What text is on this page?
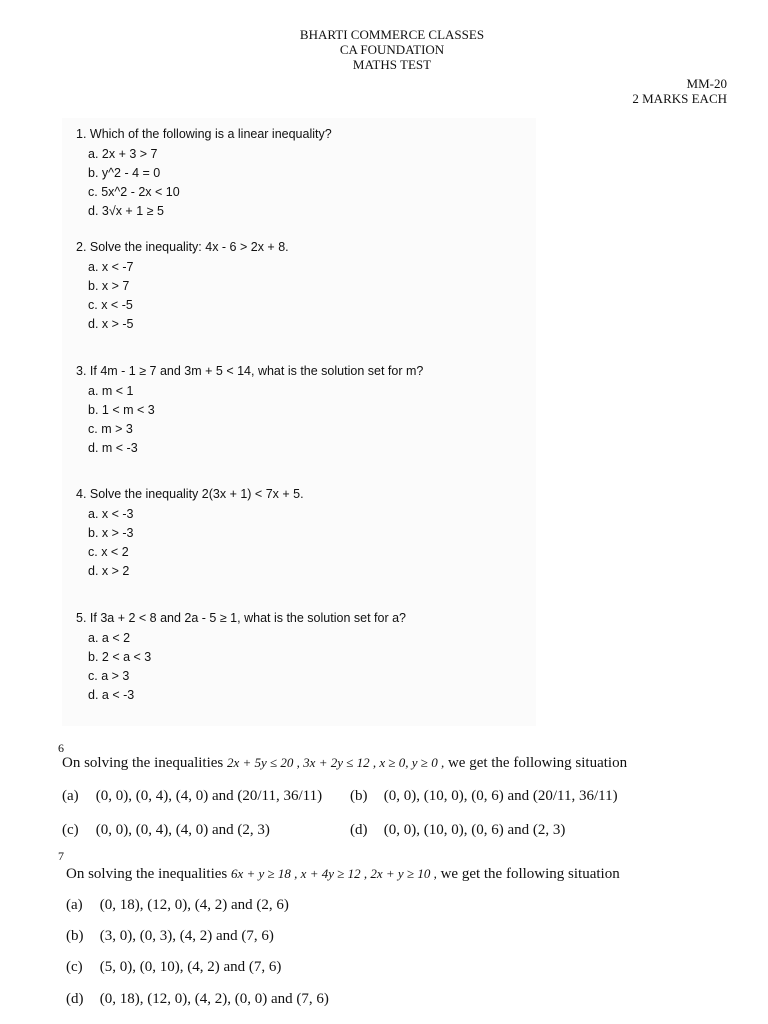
BHARTI COMMERCE CLASSES
CA FOUNDATION
MATHS TEST
MM-20
2 MARKS EACH
1. Which of the following is a linear inequality?
a. 2x + 3 > 7
b. y^2 - 4 = 0
c. 5x^2 - 2x < 10
d. 3√x + 1 ≥ 5
2. Solve the inequality: 4x - 6 > 2x + 8.
a. x < -7
b. x > 7
c. x < -5
d. x > -5
3. If 4m - 1 ≥ 7 and 3m + 5 < 14, what is the solution set for m?
a. m < 1
b. 1 < m < 3
c. m > 3
d. m < -3
4. Solve the inequality 2(3x + 1) < 7x + 5.
a. x < -3
b. x > -3
c. x < 2
d. x > 2
5. If 3a + 2 < 8 and 2a - 5 ≥ 1, what is the solution set for a?
a. a < 2
b. 2 < a < 3
c. a > 3
d. a < -3
6
On solving the inequalities 2x + 5y ≤ 20 , 3x + 2y ≤ 12 , x ≥ 0, y ≥ 0 , we get the following situation
(a) (0, 0), (0, 4), (4, 0) and (20/11, 36/11) (b) (0, 0), (10, 0), (0, 6) and (20/11, 36/11)
(c) (0, 0), (0, 4), (4, 0) and (2, 3)	(d) (0, 0), (10, 0), (0, 6) and (2, 3)
7
On solving the inequalities 6x + y ≥ 18 , x + 4y ≥ 12 , 2x + y ≥ 10 , we get the following situation
(a) (0, 18), (12, 0), (4, 2) and (2, 6)
(b) (3, 0), (0, 3), (4, 2) and (7, 6)
(c) (5, 0), (0, 10), (4, 2) and (7, 6)
(d) (0, 18), (12, 0), (4, 2), (0, 0) and (7, 6)
